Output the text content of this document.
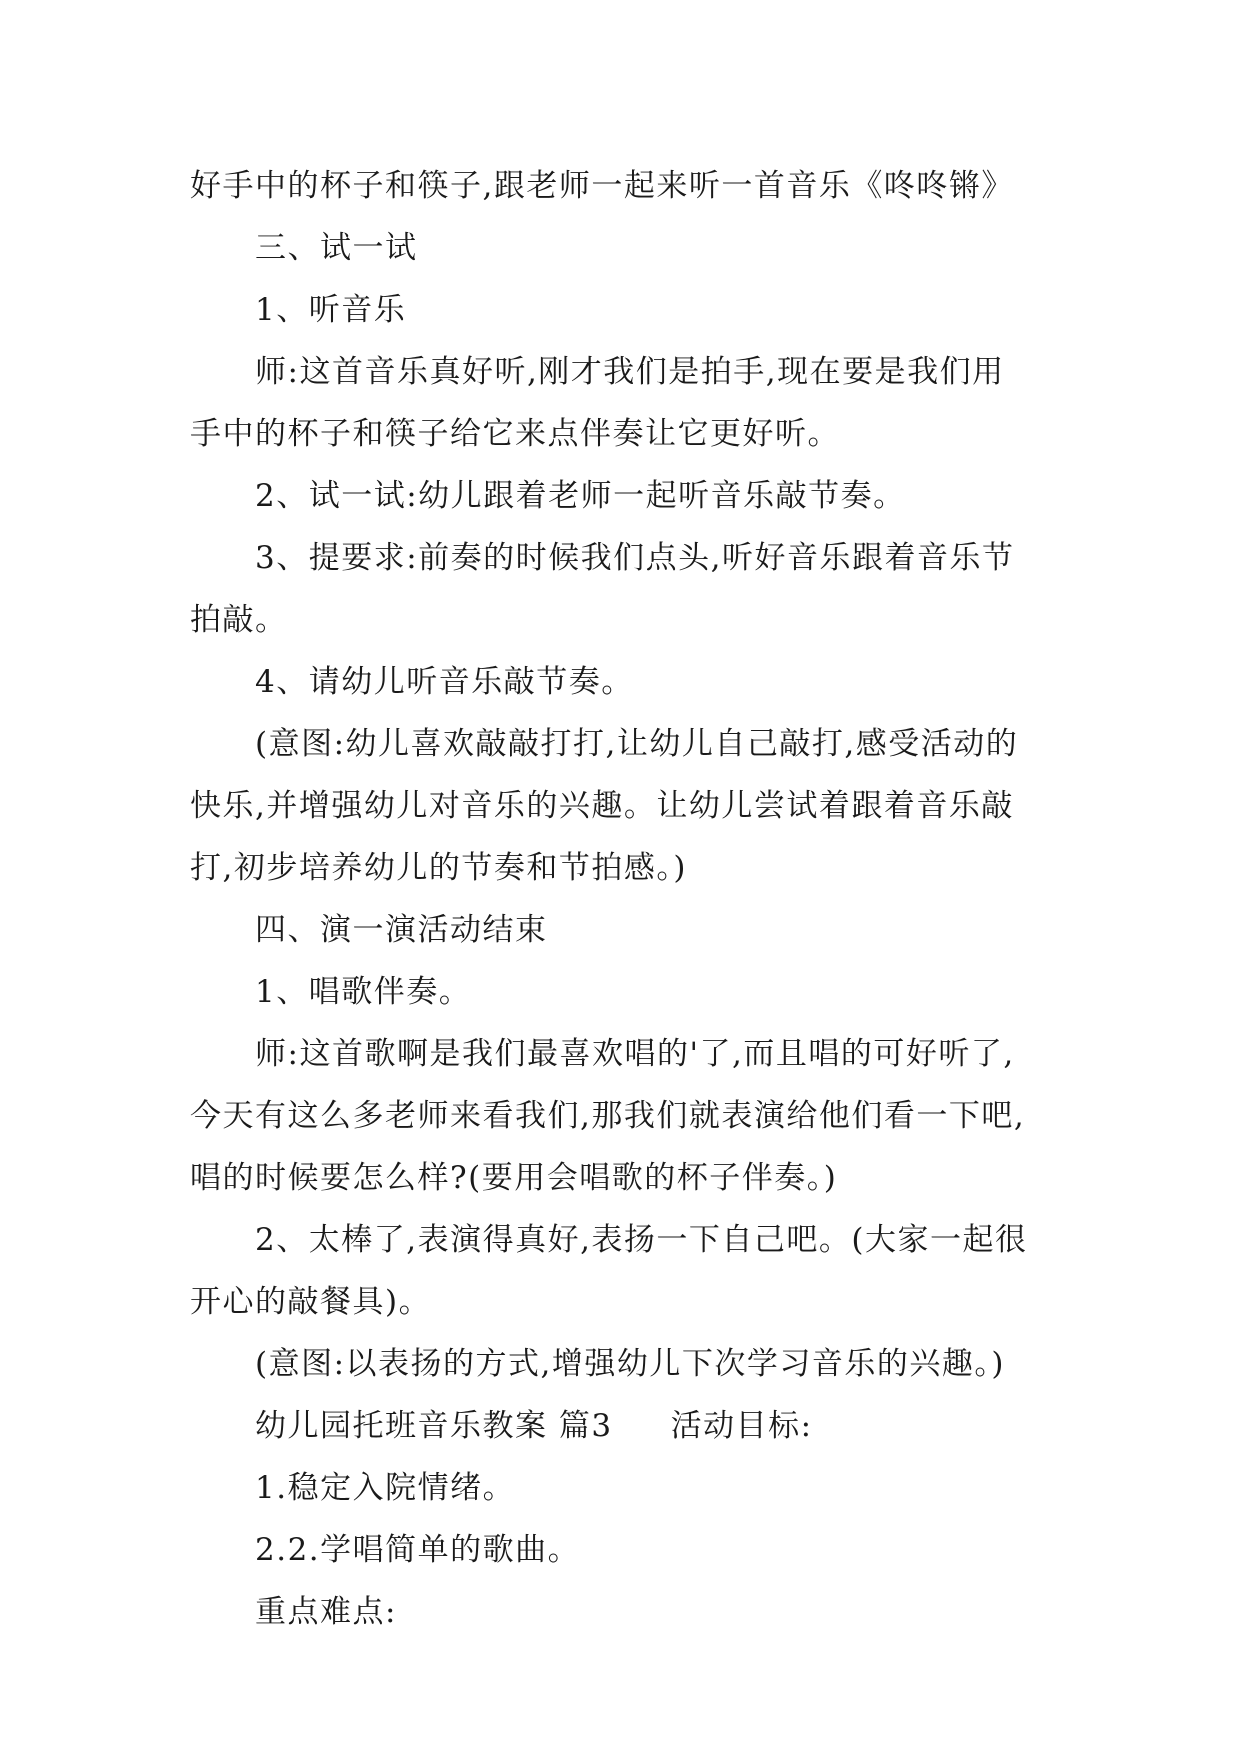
好手中的杯子和筷子,跟老师一起来听一首音乐《咚咚锵》
三、试一试
1、听音乐
师:这首音乐真好听,刚才我们是拍手,现在要是我们用
手中的杯子和筷子给它来点伴奏让它更好听。
2、试一试:幼儿跟着老师一起听音乐敲节奏。
3、提要求:前奏的时候我们点头,听好音乐跟着音乐节
拍敲。
4、请幼儿听音乐敲节奏。
(意图:幼儿喜欢敲敲打打,让幼儿自己敲打,感受活动的
快乐,并增强幼儿对音乐的兴趣。让幼儿尝试着跟着音乐敲
打,初步培养幼儿的节奏和节拍感。)
四、演一演活动结束
1、唱歌伴奏。
师:这首歌啊是我们最喜欢唱的'了,而且唱的可好听了,
今天有这么多老师来看我们,那我们就表演给他们看一下吧,
唱的时候要怎么样?(要用会唱歌的杯子伴奏。)
2、太棒了,表演得真好,表扬一下自己吧。(大家一起很
开心的敲餐具)。
(意图:以表扬的方式,增强幼儿下次学习音乐的兴趣。)
幼儿园托班音乐教案 篇3 活动目标:
1.稳定入院情绪。
2.2.学唱简单的歌曲。
重点难点:
